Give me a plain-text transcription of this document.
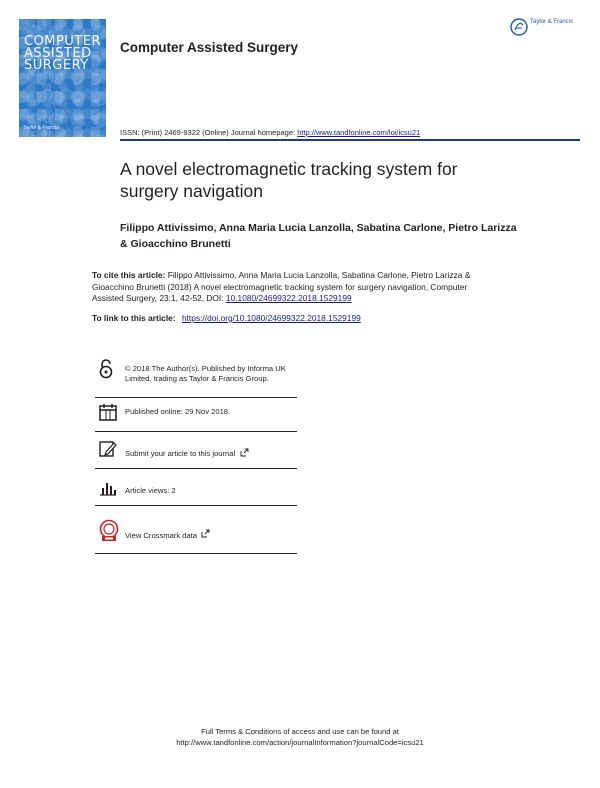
COMPUTER
ASSISTED
SURGERY
Taylor & Francis
Computer Assisted Surgery
Taylor & Francis
ISSN: (Print) 2469-9322 (Online) Journal homepage: http://www.tandfonline.com/loi/icsu21
A novel electromagnetic tracking system for surgery navigation
Filippo Attivissimo, Anna Maria Lucia Lanzolla, Sabatina Carlone, Pietro Larizza & Gioacchino Brunetti
To cite this article: Filippo Attivissimo, Anna Maria Lucia Lanzolla, Sabatina Carlone, Pietro Larizza & Gioacchino Brunetti (2018) A novel electromagnetic tracking system for surgery navigation, Computer Assisted Surgery, 23:1, 42-52, DOI: 10.1080/24699322.2018.1529199
To link to this article: https://doi.org/10.1080/24699322.2018.1529199
© 2018 The Author(s). Published by Informa UK Limited, trading as Taylor & Francis Group.
Published online: 29 Nov 2018.
Submit your article to this journal
Article views: 2
View Crossmark data
Full Terms & Conditions of access and use can be found at
http://www.tandfonline.com/action/journalInformation?journalCode=icsu21
